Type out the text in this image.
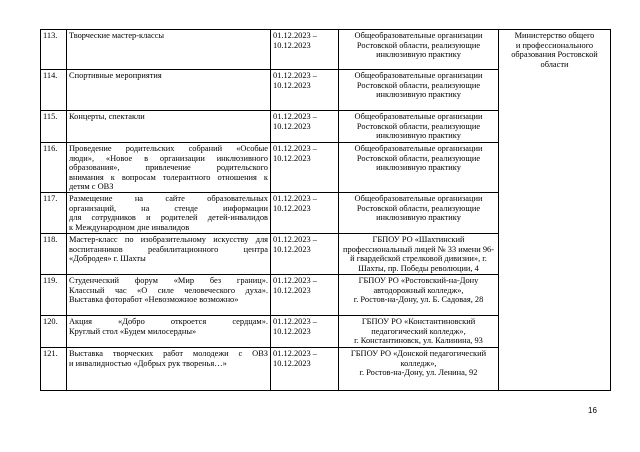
113.	Творческие мастер-классы	01.12.2023 –
10.12.2023	Общеобразовательные организации
Ростовской области, реализующие
инклюзивную практику	Министерство общего
и профессионального
образования Ростовской
области

114.	Спортивные мероприятия	01.12.2023 –
10.12.2023	Общеобразовательные организации
Ростовской области, реализующие
инклюзивную практику	

115.	Концерты, спектакли	01.12.2023 –
10.12.2023	Общеобразовательные организации
Ростовской области, реализующие
инклюзивную практику	

116.	Проведение родительских собраний «Особые
люди», «Новое в организации инклюзивного
образования», привлечение родительского
внимания к вопросам толерантного отношения к
детям с ОВЗ	01.12.2023 –
10.12.2023	Общеобразовательные организации
Ростовской области, реализующие
инклюзивную практику	

117.	Размещение на сайте образовательных
организаций, на стенде информации
для сотрудников и родителей детей-инвалидов
к Международном дне инвалидов	01.12.2023 –
10.12.2023	Общеобразовательные организации
Ростовской области, реализующие
инклюзивную практику	

118.	Мастер-класс по изобразительному искусству для
воспитанников реабилитационного центра
«Добродея» г. Шахты	01.12.2023 –
10.12.2023	ГБПОУ РО «Шахтинский
профессиональный лицей № 33 имени 96-
й гвардейской стрелковой дивизии», г.
Шахты, пр. Победы революции, 4	

119.	Студенческий форум «Мир без границ».
Классный час «О силе человеческого духа».
Выставка фоторабот «Невозможное возможно»	01.12.2023 –
10.12.2023	ГБПОУ РО «Ростовский-на-Дону
автодорожный колледж»,
г. Ростов-на-Дону, ул. Б. Садовая, 28	

120.	Акция «Добро откроется сердцам».
Круглый стол «Будем милосердны»	01.12.2023 –
10.12.2023	ГБПОУ РО «Константиновский
педагогический колледж»,
г. Константиновск, ул. Калинина, 93	

121.	Выставка творческих работ молодежи с ОВЗ
и инвалидностью «Добрых рук творенья…»	01.12.2023 –
10.12.2023	ГБПОУ РО «Донской педагогический
колледж»,
г. Ростов-на-Дону, ул. Ленина, 92	
16
